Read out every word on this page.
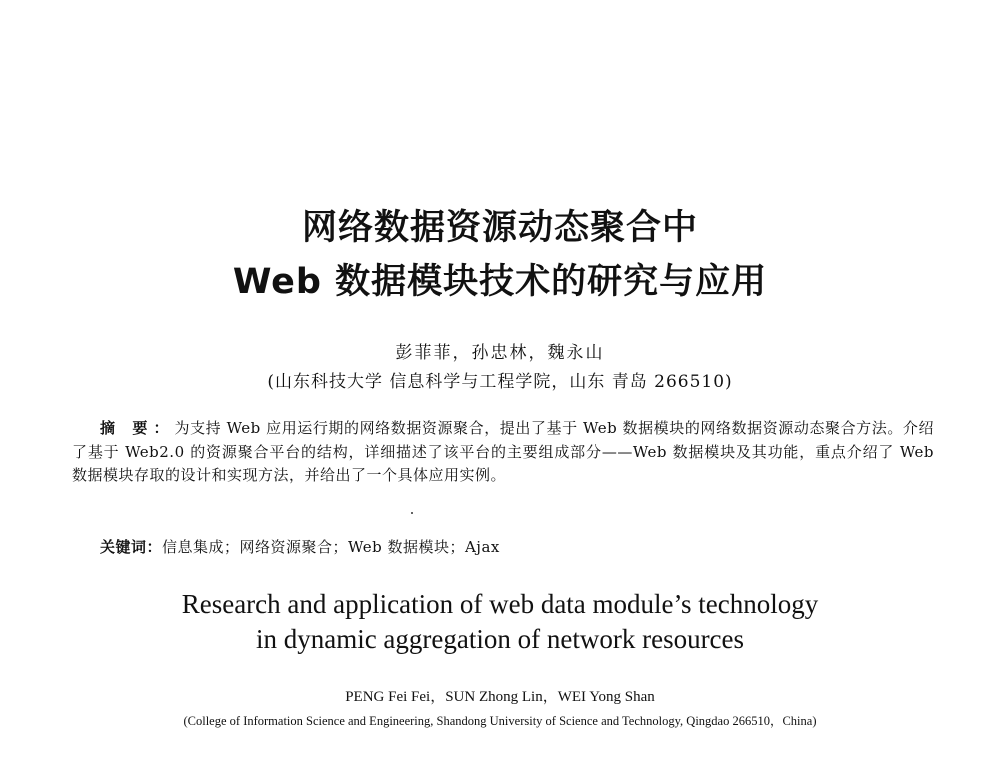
网络数据资源动态聚合中
Web 数据模块技术的研究与应用
彭菲菲，孙忠林，魏永山
(山东科技大学 信息科学与工程学院，山东 青岛 266510)
摘 要：为支持 Web 应用运行期的网络数据资源聚合，提出了基于 Web 数据模块的网络数据资源动态聚合方法。介绍了基于 Web2.0 的资源聚合平台的结构，详细描述了该平台的主要组成部分——Web 数据模块及其功能，重点介绍了 Web 数据模块存取的设计和实现方法，并给出了一个具体应用实例。
关键词：信息集成；网络资源聚合；Web 数据模块；Ajax
Research and application of web data module’s technology
in dynamic aggregation of network resources
PENG Fei Fei，SUN Zhong Lin，WEI Yong Shan
(College of Information Science and Engineering, Shandong University of Science and Technology, Qingdao 266510，China)
